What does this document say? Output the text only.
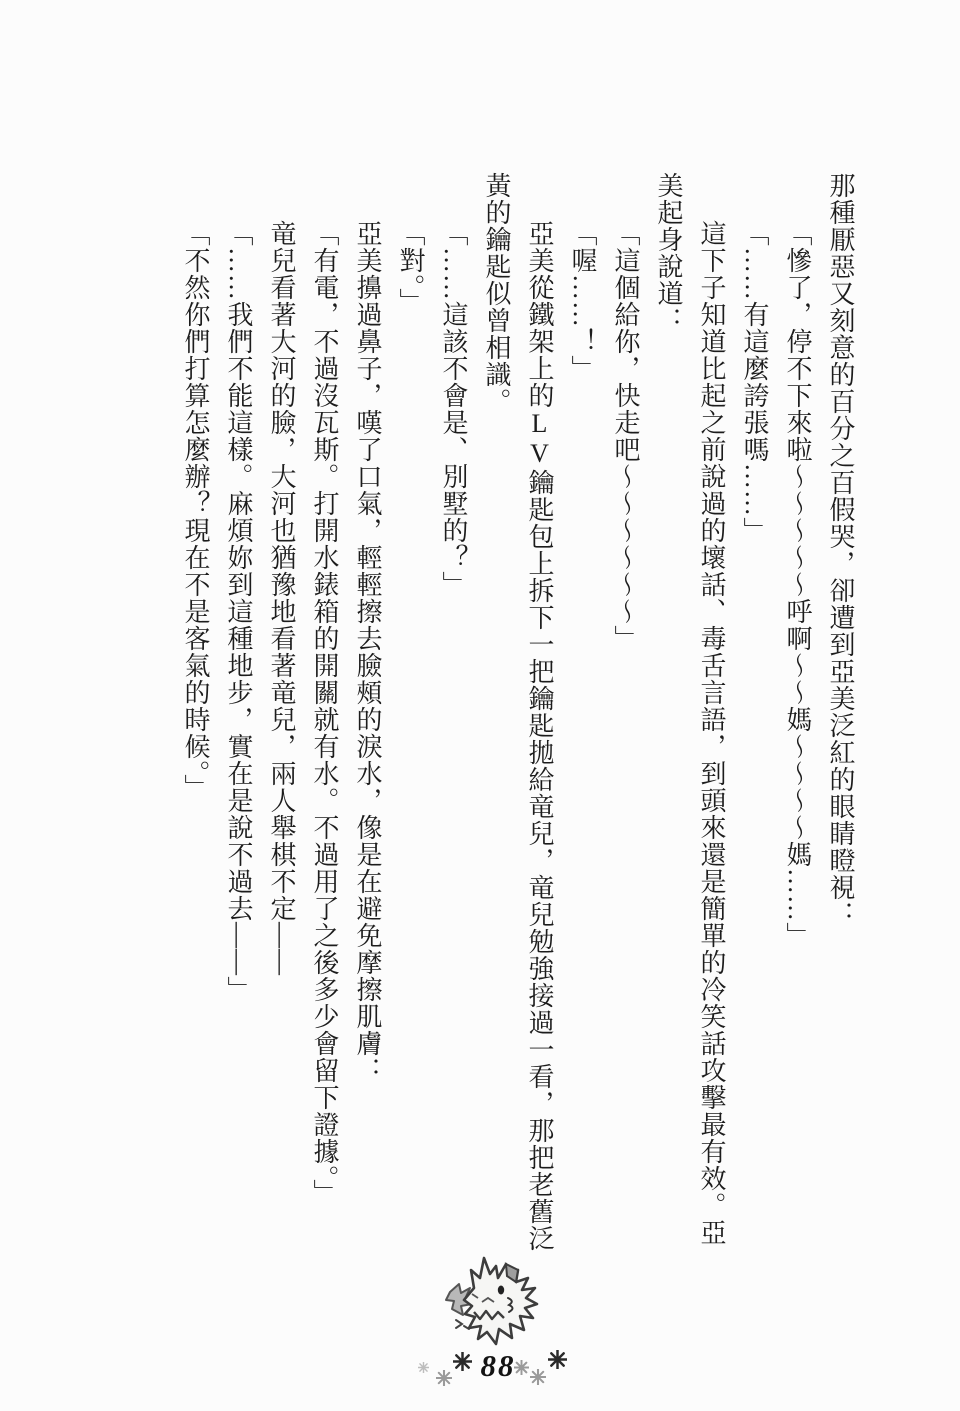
那種厭惡又刻意的百分之百假哭，卻遭到亞美泛紅的眼睛瞪視：

「慘了，停不下來啦～～～～～呼啊～～媽～～～～媽……」

「……有這麼誇張嗎……」

這下子知道比起之前說過的壞話、毒舌言語，到頭來還是簡單的冷笑話攻擊最有效。亞

美起身說道：

「這個給你，快走吧～～～～～～」

「喔……！」

亞美從鐵架上的LV鑰匙包上拆下一把鑰匙拋給竜兒，竜兒勉強接過一看，那把老舊泛

黃的鑰匙似曾相識。

「……這該不會是、別墅的？」

「對。」

亞美擤過鼻子，嘆了口氣，輕輕擦去臉頰的淚水，像是在避免摩擦肌膚：

「有電，不過沒瓦斯。打開水錶箱的開關就有水。不過用了之後多少會留下證據。」

竜兒看著大河的臉，大河也猶豫地看著竜兒，兩人舉棋不定——

「……我們不能這樣。麻煩妳到這種地步，實在是說不過去——」

「不然你們打算怎麼辦？現在不是客氣的時候。」

88
